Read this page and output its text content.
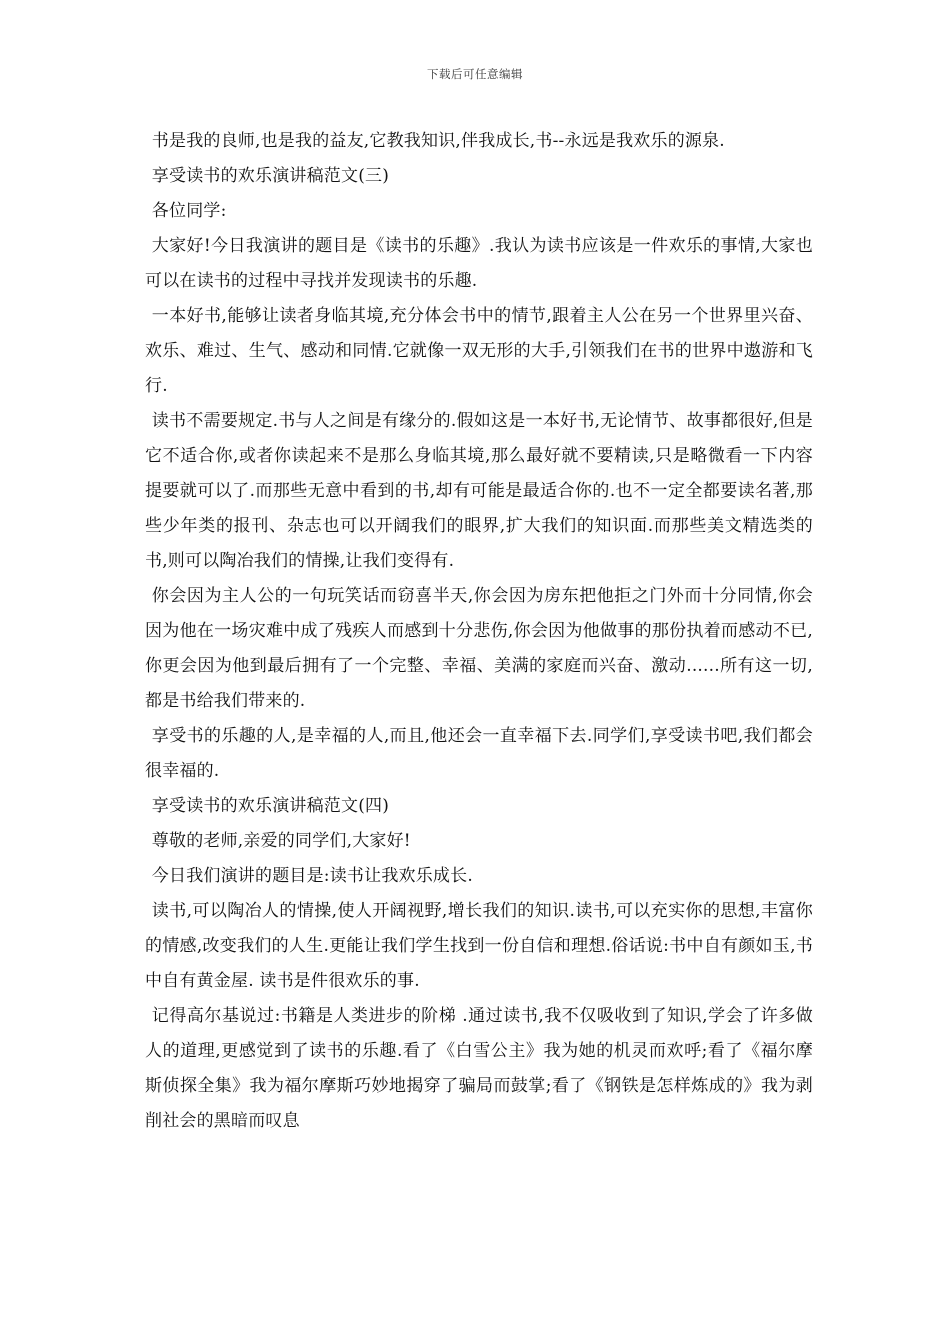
下载后可任意编辑

书是我的良师,也是我的益友,它教我知识,伴我成长,书--永远是我欢乐的源泉.

享受读书的欢乐演讲稿范文(三)

各位同学:

大家好!今日我演讲的题目是《读书的乐趣》.我认为读书应该是一件欢乐的事情,大家也可以在读书的过程中寻找并发现读书的乐趣.

一本好书,能够让读者身临其境,充分体会书中的情节,跟着主人公在另一个世界里兴奋、欢乐、难过、生气、感动和同情.它就像一双无形的大手,引领我们在书的世界中遨游和飞行.

读书不需要规定.书与人之间是有缘分的.假如这是一本好书,无论情节、故事都很好,但是它不适合你,或者你读起来不是那么身临其境,那么最好就不要精读,只是略微看一下内容提要就可以了.而那些无意中看到的书,却有可能是最适合你的.也不一定全都要读名著,那些少年类的报刊、杂志也可以开阔我们的眼界,扩大我们的知识面.而那些美文精选类的书,则可以陶冶我们的情操,让我们变得有.

你会因为主人公的一句玩笑话而窃喜半天,你会因为房东把他拒之门外而十分同情,你会因为他在一场灾难中成了残疾人而感到十分悲伤,你会因为他做事的那份执着而感动不已,你更会因为他到最后拥有了一个完整、幸福、美满的家庭而兴奋、激动......所有这一切,都是书给我们带来的.

享受书的乐趣的人,是幸福的人,而且,他还会一直幸福下去.同学们,享受读书吧,我们都会很幸福的.

享受读书的欢乐演讲稿范文(四)

尊敬的老师,亲爱的同学们,大家好!

今日我们演讲的题目是:读书让我欢乐成长.

读书,可以陶冶人的情操,使人开阔视野,增长我们的知识.读书,可以充实你的思想,丰富你的情感,改变我们的人生.更能让我们学生找到一份自信和理想.俗话说:书中自有颜如玉,书中自有黄金屋. 读书是件很欢乐的事.

记得高尔基说过:书籍是人类进步的阶梯 .通过读书,我不仅吸收到了知识,学会了许多做人的道理,更感觉到了读书的乐趣.看了《白雪公主》我为她的机灵而欢呼;看了《福尔摩斯侦探全集》我为福尔摩斯巧妙地揭穿了骗局而鼓掌;看了《钢铁是怎样炼成的》我为剥削社会的黑暗而叹息
